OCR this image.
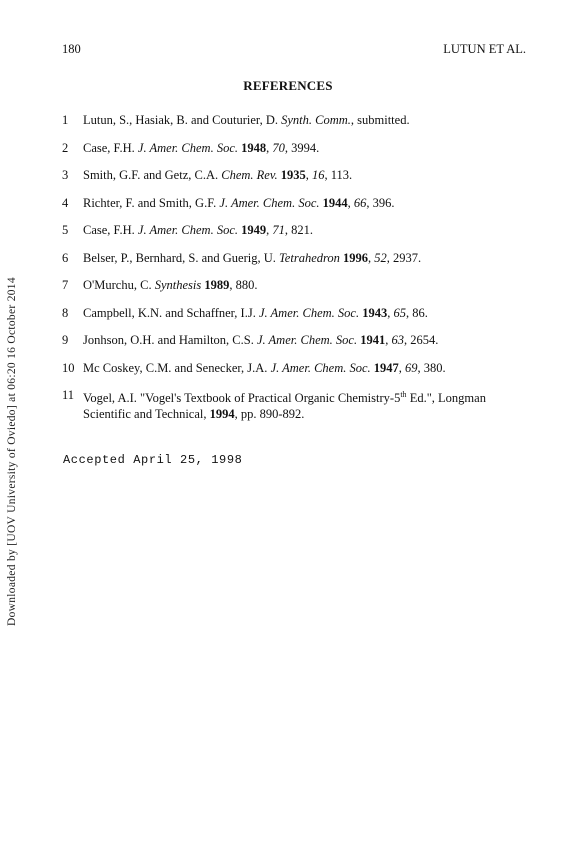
180	LUTUN ET AL.
REFERENCES
1	Lutun, S., Hasiak, B. and Couturier, D. Synth. Comm., submitted.
2	Case, F.H. J. Amer. Chem. Soc. 1948, 70, 3994.
3	Smith, G.F. and Getz, C.A. Chem. Rev. 1935, 16, 113.
4	Richter, F. and Smith, G.F. J. Amer. Chem. Soc. 1944, 66, 396.
5	Case, F.H. J. Amer. Chem. Soc. 1949, 71, 821.
6	Belser, P., Bernhard, S. and Guerig, U. Tetrahedron 1996, 52, 2937.
7	O'Murchu, C. Synthesis 1989, 880.
8	Campbell, K.N. and Schaffner, I.J. J. Amer. Chem. Soc. 1943, 65, 86.
9	Jonhson, O.H. and Hamilton, C.S. J. Amer. Chem. Soc. 1941, 63, 2654.
10 Mc Coskey, C.M. and Senecker, J.A. J. Amer. Chem. Soc. 1947, 69, 380.
11 Vogel, A.I. "Vogel's Textbook of Practical Organic Chemistry-5th Ed.", Longman Scientific and Technical, 1994, pp. 890-892.
Accepted April 25, 1998
Downloaded by [UOV University of Oviedo] at 06:20 16 October 2014
